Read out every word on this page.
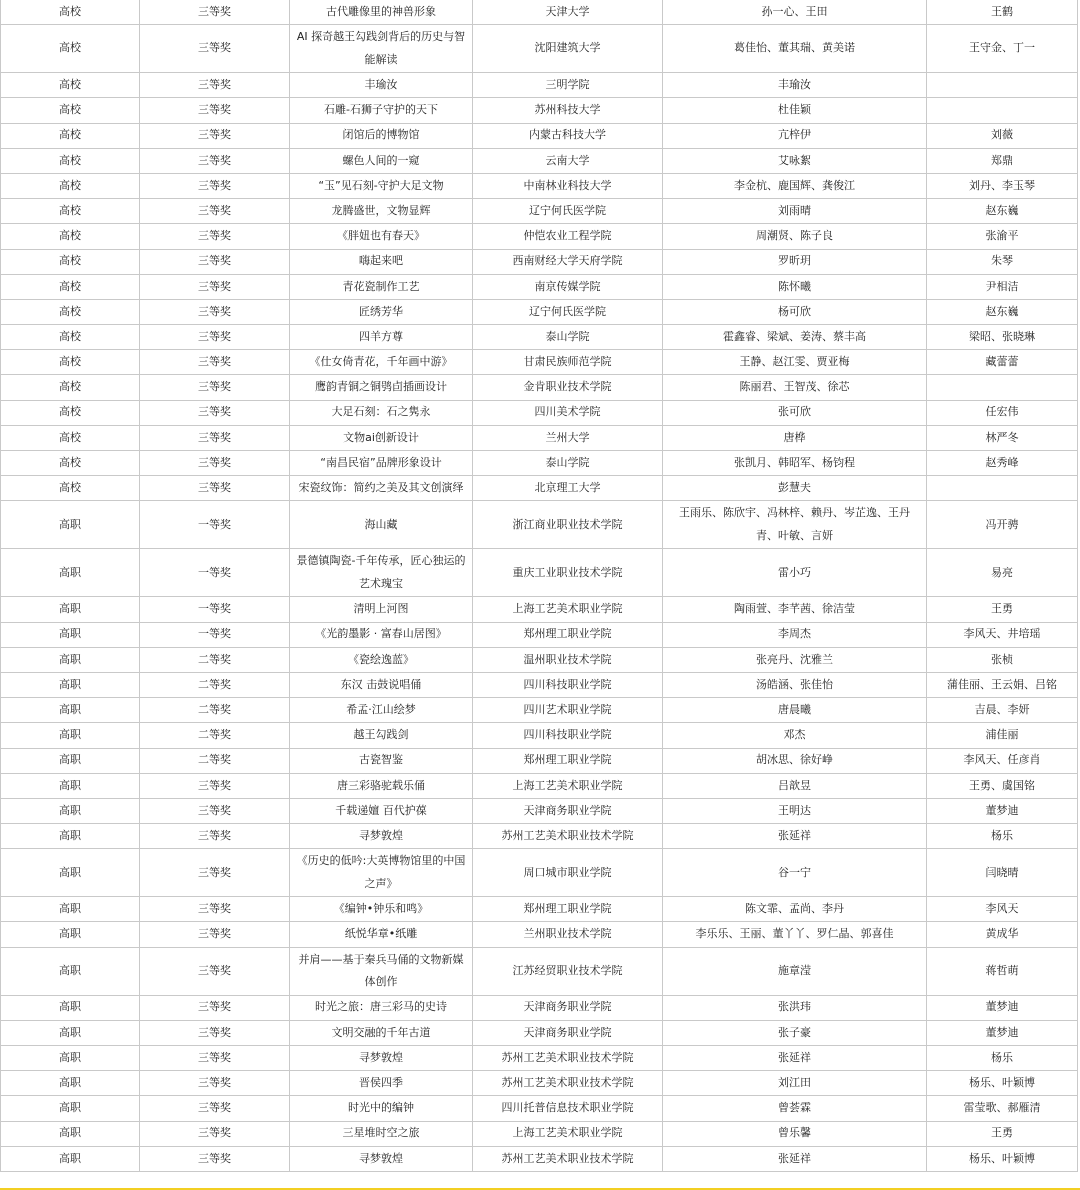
高校	三等奖	古代雕像里的神兽形象	天津大学	孙一心、王田	王鹤
高校	三等奖	AI 探奇越王勾践剑背后的历史与智能解读	沈阳建筑大学	葛佳怡、董其瑞、黄美诺	王守金、丁一
高校	三等奖	丰瑜汝	三明学院	丰瑜汝	
高校	三等奖	石雕-石狮子守护的天下	苏州科技大学	杜佳颖	
高校	三等奖	闭馆后的博物馆	内蒙古科技大学	亢梓伊	刘薇
高校	三等奖	螺色人间的一窥	云南大学	艾咏絮	郑鼎
高校	三等奖	“玉”见石刻-守护大足文物	中南林业科技大学	李金杭、鹿国辉、龚俊江	刘丹、李玉琴
高校	三等奖	龙腾盛世，文物显辉	辽宁何氏医学院	刘雨晴	赵东巍
高校	三等奖	《胖妞也有春天》	仲恺农业工程学院	周潮贤、陈子良	张渝平
高校	三等奖	嗨起来吧	西南财经大学天府学院	罗昕玥	朱琴
高校	三等奖	青花瓷制作工艺	南京传媒学院	陈怀曦	尹相洁
高校	三等奖	匠绣芳华	辽宁何氏医学院	杨可欣	赵东巍
高校	三等奖	四羊方尊	泰山学院	霍鑫睿、梁斌、姜涛、蔡丰高	梁昭、张晓琳
高校	三等奖	《仕女倚青花，千年画中游》	甘肃民族师范学院	王静、赵江雯、贾亚梅	藏蕾蕾
高校	三等奖	鹰韵青铜之铜鸮卣插画设计	金肯职业技术学院	陈丽君、王智茂、徐芯	
高校	三等奖	大足石刻：石之隽永	四川美术学院	张可欣	任宏伟
高校	三等奖	文物ai创新设计	兰州大学	唐桦	林严冬
高校	三等奖	“南昌民宿”品牌形象设计	泰山学院	张凯月、韩昭军、杨钧程	赵秀峰
高校	三等奖	宋瓷纹饰：简约之美及其文创演绎	北京理工大学	彭慧夫	
高职	一等奖	海山藏	浙江商业职业技术学院	王雨乐、陈欣宇、冯林梓、赖丹、岑芷逸、王丹青、叶敏、言妍	冯开骋
高职	一等奖	景德镇陶瓷-千年传承，匠心独运的艺术瑰宝	重庆工业职业技术学院	雷小巧	易亮
高职	一等奖	清明上河图	上海工艺美术职业学院	陶雨萱、李芊茜、徐洁莹	王勇
高职	一等奖	《光韵墨影 · 富春山居图》	郑州理工职业学院	李周杰	李风天、井培瑶
高职	二等奖	《瓷绘逸蓝》	温州职业技术学院	张亮丹、沈雅兰	张桢
高职	二等奖	东汉 击鼓说唱俑	四川科技职业学院	汤皓涵、张佳怡	蒲佳丽、王云娟、吕铭
高职	二等奖	希孟·江山绘梦	四川艺术职业学院	唐晨曦	吉晨、李妍
高职	二等奖	越王勾践剑	四川科技职业学院	邓杰	浦佳丽
高职	二等奖	古瓷智鉴	郑州理工职业学院	胡冰思、徐好峥	李风天、任彦肖
高职	三等奖	唐三彩骆驼载乐俑	上海工艺美术职业学院	吕歆昱	王勇、虞国铭
高职	三等奖	千载递嬗 百代护葆	天津商务职业学院	王明达	董梦迪
高职	三等奖	寻梦敦煌	苏州工艺美术职业技术学院	张延祥	杨乐
高职	三等奖	《历史的低吟:大英博物馆里的中国之声》	周口城市职业学院	谷一宁	闫晓晴
高职	三等奖	《编钟•钟乐和鸣》	郑州理工职业学院	陈文霏、孟尚、李丹	李风天
高职	三等奖	纸悦华章•纸雕	兰州职业技术学院	李乐乐、王丽、董丫丫、罗仁晶、郭喜佳	黄成华
高职	三等奖	并肩——基于秦兵马俑的文物新媒体创作	江苏经贸职业技术学院	施章滢	蒋哲萌
高职	三等奖	时光之旅：唐三彩马的史诗	天津商务职业学院	张洪玮	董梦迪
高职	三等奖	文明交融的千年古道	天津商务职业学院	张子豪	董梦迪
高职	三等奖	寻梦敦煌	苏州工艺美术职业技术学院	张延祥	杨乐
高职	三等奖	晋侯四季	苏州工艺美术职业技术学院	刘江田	杨乐、叶颖博
高职	三等奖	时光中的编钟	四川托普信息技术职业学院	曾荟霖	雷莹歌、郝雁清
高职	三等奖	三星堆时空之旅	上海工艺美术职业学院	曾乐馨	王勇
高职	三等奖	寻梦敦煌	苏州工艺美术职业技术学院	张延祥	杨乐、叶颖博
